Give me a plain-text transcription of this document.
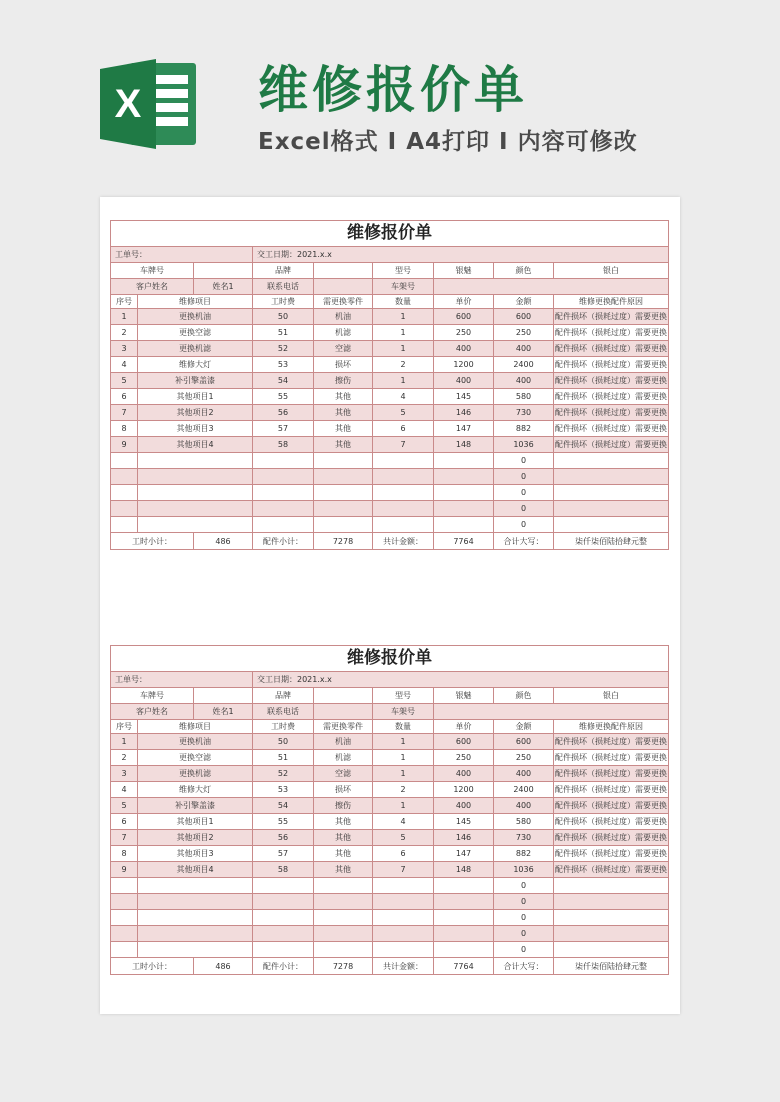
X 维修报价单
Excel格式 I A4打印 I 内容可修改
维修报价单								
工单号：			交工日期：2021.x.x					
车牌号			品牌		型号	银魅	颜色	银白
客户姓名		姓名1	联系电话		车架号			
序号	维修项目		工时费	需更换零件	数量	单价	金额	维修更换配件原因
1	更换机油		50	机油	1	600	600	配件损坏（损耗过度）需要更换
2	更换空滤		51	机滤	1	250	250	配件损坏（损耗过度）需要更换
3	更换机滤		52	空滤	1	400	400	配件损坏（损耗过度）需要更换
4	维修大灯		53	损坏	2	1200	2400	配件损坏（损耗过度）需要更换
5	补引擎盖漆		54	擦伤	1	400	400	配件损坏（损耗过度）需要更换
6	其他项目1		55	其他	4	145	580	配件损坏（损耗过度）需要更换
7	其他项目2		56	其他	5	146	730	配件损坏（损耗过度）需要更换
8	其他项目3		57	其他	6	147	882	配件损坏（损耗过度）需要更换
9	其他项目4		58	其他	7	148	1036	配件损坏（损耗过度）需要更换
							0	
							0	
							0	
							0	
							0	
工时小计：		486	配件小计：	7278	共计金额：	7764	合计大写：	柒仟柒佰陆拾肆元整
维修报价单								
工单号：			交工日期：2021.x.x					
车牌号			品牌		型号	银魅	颜色	银白
客户姓名		姓名1	联系电话		车架号			
序号	维修项目		工时费	需更换零件	数量	单价	金额	维修更换配件原因
1	更换机油		50	机油	1	600	600	配件损坏（损耗过度）需要更换
2	更换空滤		51	机滤	1	250	250	配件损坏（损耗过度）需要更换
3	更换机滤		52	空滤	1	400	400	配件损坏（损耗过度）需要更换
4	维修大灯		53	损坏	2	1200	2400	配件损坏（损耗过度）需要更换
5	补引擎盖漆		54	擦伤	1	400	400	配件损坏（损耗过度）需要更换
6	其他项目1		55	其他	4	145	580	配件损坏（损耗过度）需要更换
7	其他项目2		56	其他	5	146	730	配件损坏（损耗过度）需要更换
8	其他项目3		57	其他	6	147	882	配件损坏（损耗过度）需要更换
9	其他项目4		58	其他	7	148	1036	配件损坏（损耗过度）需要更换
							0	
							0	
							0	
							0	
							0	
工时小计：		486	配件小计：	7278	共计金额：	7764	合计大写：	柒仟柒佰陆拾肆元整
